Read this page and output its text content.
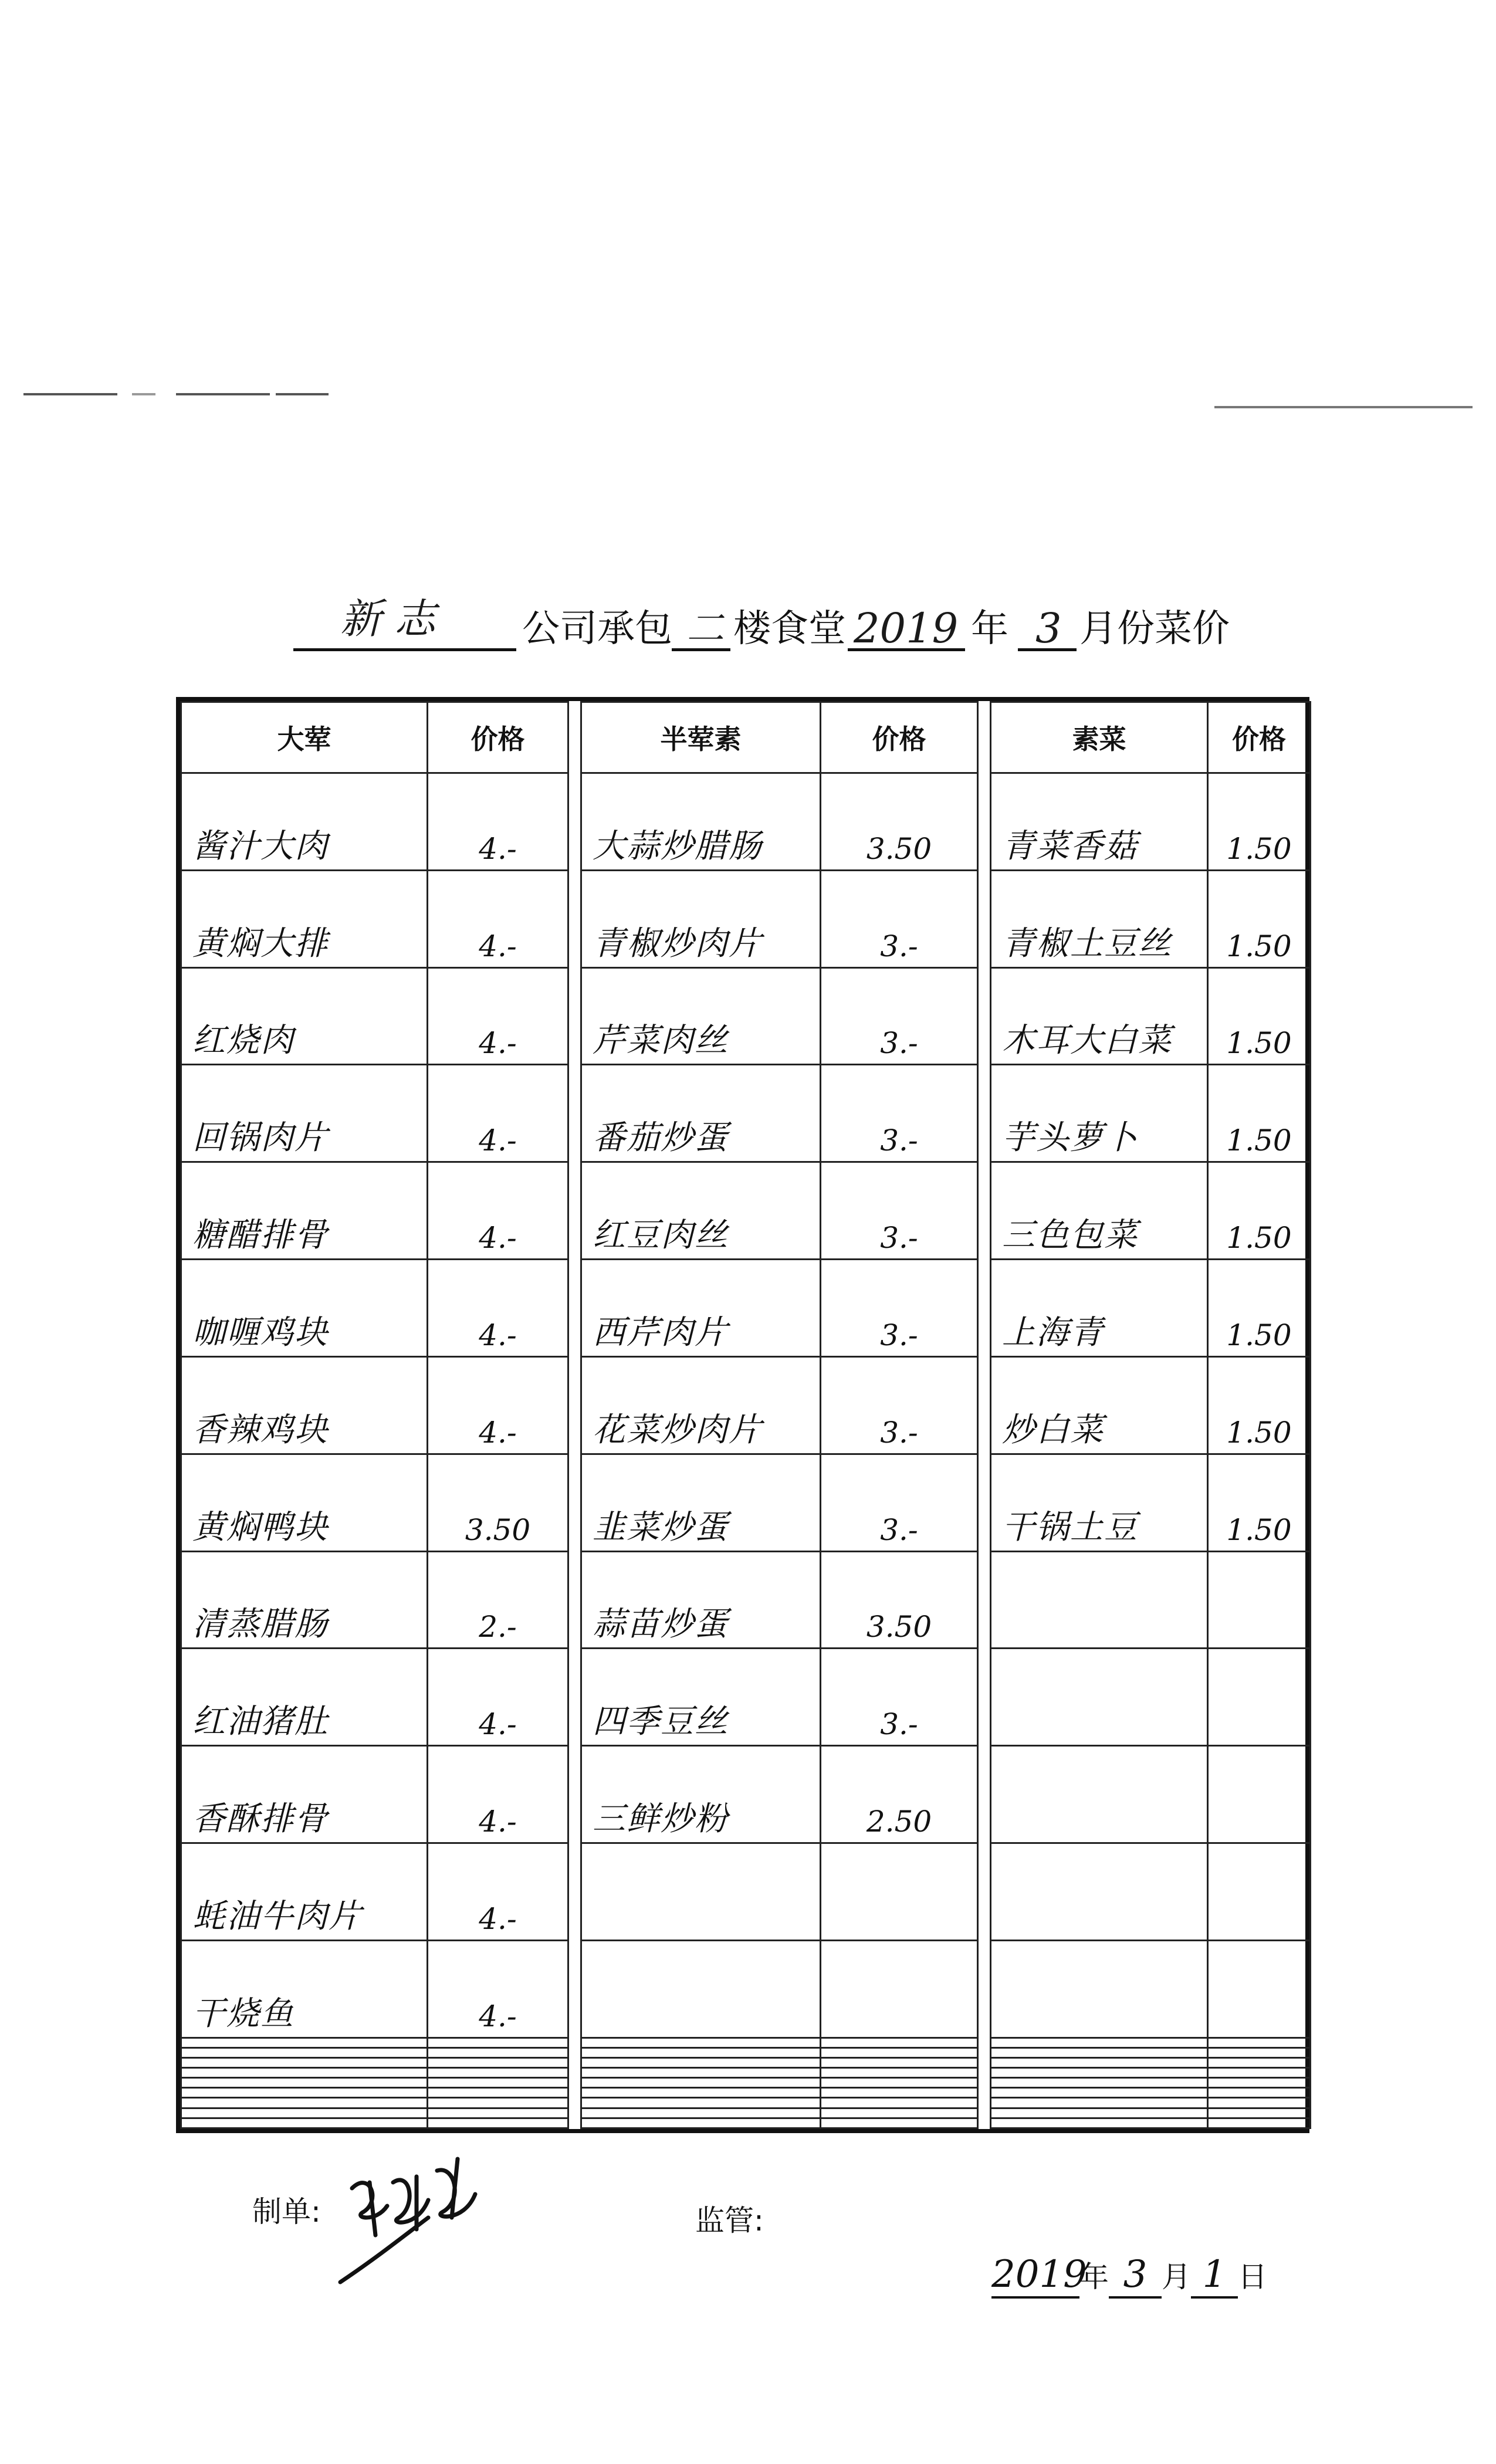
新 志 公司承包 二 楼食堂 2019 年 3 月份菜价
大荤	价格		半荤素	价格		素菜	价格
酱汁大肉	4.-		大蒜炒腊肠	3.50		青菜香菇	1.50
黄焖大排	4.-		青椒炒肉片	3.-		青椒土豆丝	1.50
红烧肉	4.-		芹菜肉丝	3.-		木耳大白菜	1.50
回锅肉片	4.-		番茄炒蛋	3.-		芋头萝卜	1.50
糖醋排骨	4.-		红豆肉丝	3.-		三色包菜	1.50
咖喱鸡块	4.-		西芹肉片	3.-		上海青	1.50
香辣鸡块	4.-		花菜炒肉片	3.-		炒白菜	1.50
黄焖鸭块	3.50		韭菜炒蛋	3.-		干锅土豆	1.50
清蒸腊肠	2.-		蒜苗炒蛋	3.50			
红油猪肚	4.-		四季豆丝	3.-			
香酥排骨	4.-		三鲜炒粉	2.50			
蚝油牛肉片	4.-						
干烧鱼	4.-						

制单:	监管:
2019年 3 月 1 日
